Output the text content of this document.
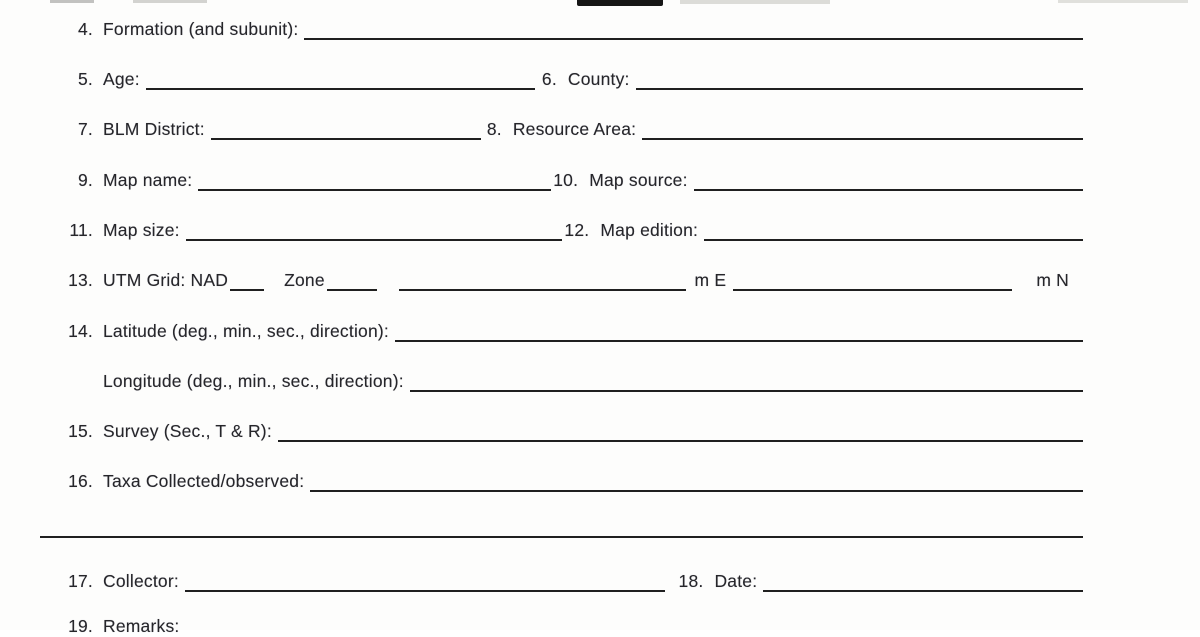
4. Formation (and subunit):
5. Age:	6. County:
7. BLM District:	8. Resource Area:
9. Map name:	10. Map source:
11. Map size:	12. Map edition:
13. UTM Grid: NAD	Zone	m E	m N
14. Latitude (deg., min., sec., direction):
Longitude (deg., min., sec., direction):
15. Survey (Sec., T & R):
16. Taxa Collected/observed:
17. Collector:	18. Date:
19. Remarks:
